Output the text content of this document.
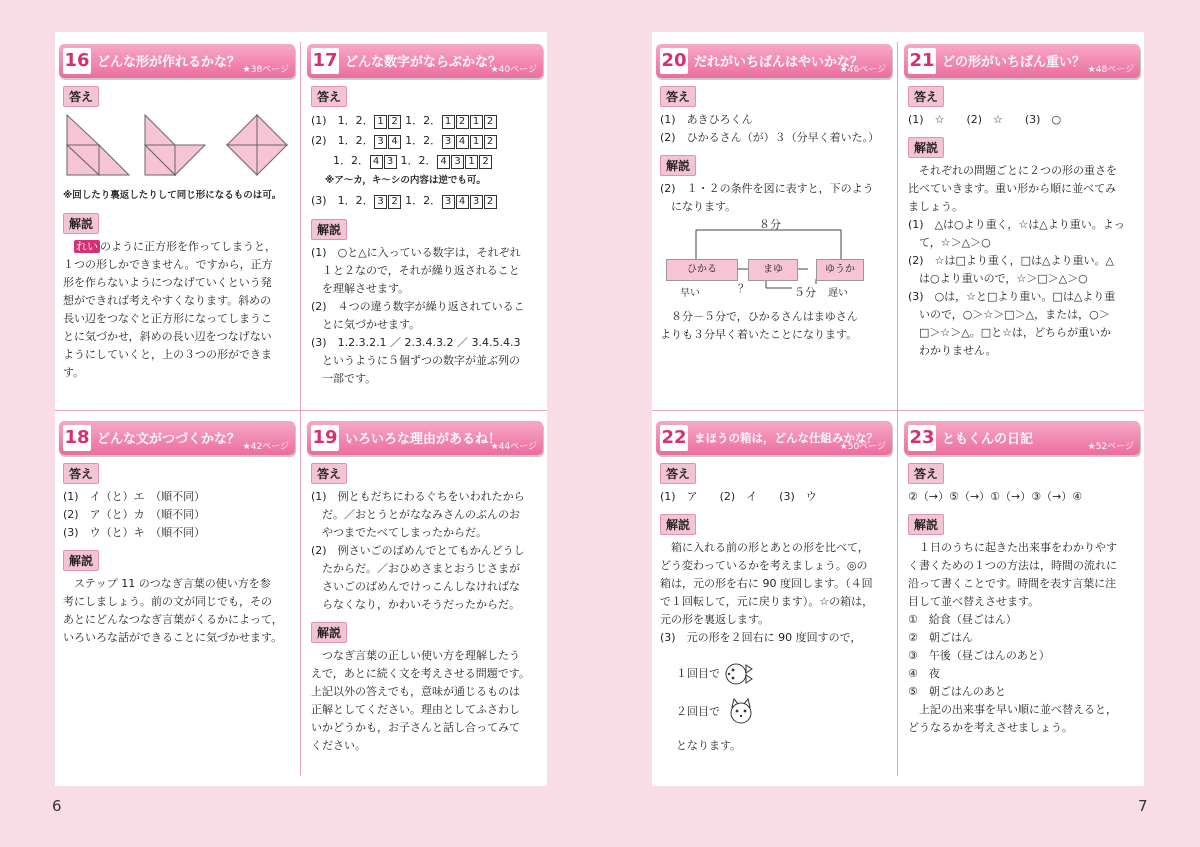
16 どんな形が作れるかな？ ★38ページ
答え

※回したり裏返したりして同じ形になるものは可。

解説

れい のように正方形を作ってしまうと，

１つの形しかできません。ですから，正方

形を作らないようにつなげていくという発

想ができれば考えやすくなります。斜めの

長い辺をつなぐと正方形になってしまうこ

とに気づかせ，斜めの長い辺をつなげない

ようにしていくと，上の３つの形ができま

す。

17 どんな数字がならぶかな？
★40ページ
答え

(1)　 1．2． 1 2 1．2． 1 2 1 2

(2)　 1．2． 3 4 1．2． 3 4 1 2

　　1．2． 4 3 1．2． 4 3 1 2

※ア～カ，キ～シの内容は逆でも可。

(3)　 1．2． 3 2 1．2． 3 4 3 2

解説

(1)　○と△に入っている数字は，それぞれ

　１と２なので，それが繰り返されること

　を理解させます。

(2)　４つの違う数字が繰り返されているこ

　とに気づかせます。

(3)　1.2.3.2.1 ／ 2.3.4.3.2 ／ 3.4.5.4.3

　というように５個ずつの数字が並ぶ列の

　一部です。

18 どんな文がつづくかな？ ★42ページ
答え

(1)　イ（と）エ　（順不同）

(2)　ア（と）カ　（順不同）

(3)　ウ（と）キ　（順不同）

解説

ステップ 11 のつなぎ言葉の使い方を参

考にしましょう。前の文が同じでも，その

あとにどんなつなぎ言葉がくるかによって，

いろいろな話ができることに気づかせます。

19 いろいろな理由があるね！
★44ページ
答え

(1)　例ともだちにわるぐちをいわれたから

　だ。／おとうとがななみさんのぶんのお

　やつまでたべてしまったからだ。

(2)　例さいごのばめんでとてもかんどうし

　たからだ。／おひめさまとおうじさまが

　さいごのばめんでけっこんしなければな

　らなくなり，かわいそうだったからだ。

解説

つなぎ言葉の正しい使い方を理解したう

えで，あとに続く文を考えさせる問題です。

上記以外の答えでも，意味が通じるものは

正解としてください。理由としてふさわし

いかどうかも，お子さんと話し合ってみて

ください。

20 だれがいちばんはやいかな？
★46ページ
答え

(1)　あきひろくん

(2)　ひかるさん（が）３（分早く着いた。）

解説

(2)　１・２の条件を図に表すと，下のよう

　になります。

８分
ひかる	まゆ	ゆうか
？	５分
早い	遅い

８分－５分で，ひかるさんはまゆさん

よりも３分早く着いたことになります。

21 どの形がいちばん重い？ ★48ページ
答え

(1)　☆　　(2)　☆　　(3)　○

解説

それぞれの問題ごとに２つの形の重さを

比べていきます。重い形から順に並べてみ

ましょう。

(1)　△は○より重く，☆は△より重い。よっ

　て，☆＞△＞○

(2)　☆は□より重く，□は△より重い。△

　は○より重いので，☆＞□＞△＞○

(3)　○は，☆と□より重い。□は△より重

　いので，○＞☆＞□＞△，または，○＞

　□＞☆＞△。□と☆は，どちらが重いか

　わかりません。

22 まほうの箱は，どんな仕組みかな？
★50ページ
答え

(1)　ア　　(2)　イ　　(3)　ウ

解説

箱に入れる前の形とあとの形を比べて，

どう変わっているかを考えましょう。◎の

箱は，元の形を右に 90 度回します。（４回

で１回転して，元に戻ります）。☆の箱は，

元の形を裏返します。

(3)　元の形を２回右に 90 度回すので，

１回目で

２回目で

となります。

23 ともくんの日記	★52ページ
答え

②（→）⑤（→）①（→）③（→）④

解説

１日のうちに起きた出来事をわかりやす

く書くための１つの方法は，時間の流れに

沿って書くことです。時間を表す言葉に注

目して並べ替えさせます。

①　給食（昼ごはん）

②　朝ごはん

③　午後（昼ごはんのあと）

④　夜

⑤　朝ごはんのあと

上記の出来事を早い順に並べ替えると，

どうなるかを考えさせましょう。

6	7
